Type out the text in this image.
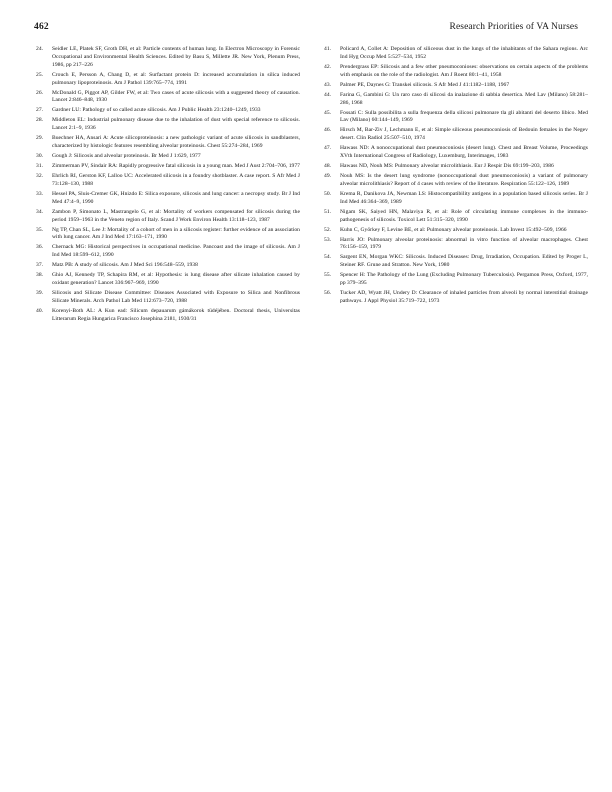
462	Research Priorities of VA Nurses
24.	Seidler LE, Platek SF, Groth DH, et al: Particle contents of human lung. In Electron Microscopy in Forensic Occupational and Environmental Health Sciences. Edited by Basu S, Millette JR. New York, Plenum Press, 1986, pp 217–226
25.	Crouch E, Persson A, Chang D, et al: Surfactant protein D: increased accumulation in silica induced pulmonary lipoproteinosis. Am J Pathol 139:765–774, 1991
26.	McDonald G, Piggot AP, Gilder FW, et al: Two cases of acute silicosis with a suggested theory of causation. Lancet 2:846–848, 1930
27.	Gardner LU: Pathology of so called acute silicosis. Am J Public Health 23:1240–1249, 1933
28.	Middleton EL: Industrial pulmonary disease due to the inhalation of dust with special reference to silicosis. Lancet 2:1–9, 1936
29.	Buechner HA, Ansari A: Acute silicoproteinosis: a new pathologic variant of acute silicosis in sandblasters, characterized by histologic features resembling alveolar proteinosis. Chest 55:274–284, 1969
30.	Gough J: Silicosis and alveolar proteinosis. Br Med J 1:629, 1977
31.	Zimmerman PV, Sindair RA: Rapidly progressive fatal silicosis in a young man. Med J Aust 2:704–706, 1977
32.	Ehrlich RI, Gerston KF, Lalloo UC: Accelerated silicosis in a foundry shotblaster. A case report. S Afr Med J 73:128–130, 1988
33.	Hessel PA, Sluis-Cremer GK, Hnizdo E: Silica exposure, silicosis and lung cancer: a necropsy study. Br J Ind Med 47:4–9, 1990
34.	Zambon P, Simonato L, Mastrangelo G, et al: Mortality of workers compensated for silicosis during the period 1959–1963 in the Veneto region of Italy. Scand J Work Environ Health 13:118–123, 1987
35.	Ng TP, Chan SL, Lee J: Mortality of a cohort of men in a silicosis register: further evidence of an association with lung cancer. Am J Ind Med 17:163–171, 1990
36.	Chernack MG: Historical perspectives in occupational medicine. Pancoast and the image of silicosis. Am J Ind Med 18:599–612, 1990
37.	Matz PB: A study of silicosis. Am J Med Sci 196:548–559, 1938
38.	Ghio AJ, Kennedy TP, Schapira RM, et al: Hypothesis: is lung disease after silicate inhalation caused by oxidant generation? Lancet 336:967–969, 1990
39.	Silicosis and Silicate Disease Committee: Diseases Associated with Exposure to Silica and Nonfibrous Silicate Minerals. Arch Pathol Lab Med 112:673–720, 1988
40.	Korenyi-Both AL: A Kun ead: Silicum depauarum gámákorok tüdéjében. Doctoral thesis, Universitas Litterarum Regia Hungarica Francisco Josephina 2181, 1930/31
41.	Policard A, Collet A: Deposition of siliceous dust in the lungs of the inhabitants of the Sahara regions. Arc Ind Hyg Occup Med 5:527–534, 1952
42.	Prendergrass EP: Silicosis and a few other pneumoconioses: observations on certain aspects of the problems with emphasis on the role of the radiologist. Am J Roent 80:1–41, 1958
43.	Palmer PE, Daynes G: Transkei silicosis. S Afr Med J 41:1182–1188, 1967
44.	Farina G, Gambini G: Un raro caso di silicosi da inalazione di sabbia desertica. Med Lav (Milano) 58:281–286, 1968
45.	Fossati C: Sulla possibilita a sulla frequenza della silicosi pulmonare tla gli abitanti del deserto libico. Med Lav (Milano) 60:144–149, 1969
46.	Hirsch M, Bar-Ziv J, Lechmann E, et al: Simple siliceous pneumoconiosis of Bedouin females in the Negev desert. Clin Radiol 25:507–510, 1974
47.	Hawass ND: A nonoccupational dust pneumoconiosis (desert lung). Chest and Breast Volume, Proceedings XVth International Congress of Radiology, Luxemburg, Interimages, 1983
48.	Hawass ND, Nouh MS: Pulmonary alveolar microlithiasis. Eur J Respir Dis 69:199–203, 1986
49.	Nouh MS: Is the desert lung syndrome (nonoccupational dust pneumoconiosis) a variant of pulmonary alveolar microlithiasis? Report of 4 cases with review of the literature. Respiration 55:122–126, 1989
50.	Krema R, Danikova JA, Newman LS: Histocompatibility antigens in a population based silicosis series. Br J Ind Med 46:364–369, 1989
51.	Nigam SK, Saiyed HN, Malaviya R, et al: Role of circulating immune complexes in the immuno-pathogenesis of silicosis. Toxicol Lett 51:315–320, 1990
52.	Kuhn C, Györkey F, Levine BE, et al: Pulmonary alveolar proteinosis. Lab Invest 15:492–509, 1966
53.	Harris JO: Pulmonary alveolar proteinosis: abnormal in vitro function of alveolar macrophages. Chest 76:156–159, 1979
54.	Sargent EN, Morgan WKC: Silicosis. Induced Diseases: Drug, Irradiation, Occupation. Edited by Proger L, Steiner RF. Grune and Stratton. New York, 1980
55.	Spencer H: The Pathology of the Lung (Excluding Pulmonary Tuberculosis). Pergamon Press, Oxford, 1977, pp 379–395
56.	Tucker AD, Wyatt JH, Undery D: Clearance of inhaled particles from alveoli by normal interstitial drainage pathways. J Appl Physiol 35:719–722, 1973
